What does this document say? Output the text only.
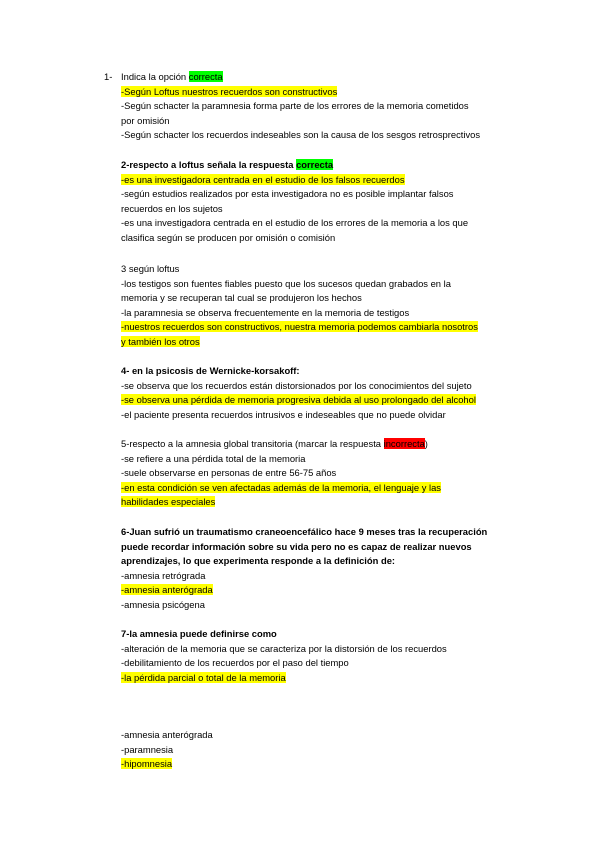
1- Indica la opción correcta
-Según Loftus nuestros recuerdos son constructivos
-Según schacter la paramnesia forma parte de los errores de la memoria cometidos
por omisión
-Según schacter los recuerdos indeseables son la causa de los sesgos retrosprectivos
2-respecto a loftus señala la respuesta correcta
-es una investigadora centrada en el estudio de los falsos recuerdos
-según estudios realizados por esta investigadora no es posible implantar falsos
recuerdos en los sujetos
-es una investigadora centrada en el estudio de los errores de la memoria a los que
clasifica según se producen por omisión o comisión
3 según loftus
-los testigos son fuentes fiables puesto que los sucesos quedan grabados en la
memoria y se recuperan tal cual se produjeron los hechos
-la paramnesia se observa frecuentemente en la memoria de testigos
-nuestros recuerdos son constructivos, nuestra memoria podemos cambiarla nosotros
y también los otros
4- en la psicosis de Wernicke-korsakoff:
-se observa que los recuerdos están distorsionados por los conocimientos del sujeto
-se observa una pérdida de memoria progresiva debida al uso prolongado del alcohol
-el paciente presenta recuerdos intrusivos e indeseables que no puede olvidar
5-respecto a la amnesia global transitoria (marcar la respuesta incorrecta)
-se refiere a una pérdida total de la memoria
-suele observarse en personas de entre 56-75 años
-en esta condición se ven afectadas además de la memoria, el lenguaje y las
habilidades especiales
6-Juan sufrió un traumatismo craneoencefálico hace 9 meses tras la recuperación
puede recordar información sobre su vida pero no es capaz de realizar nuevos
aprendizajes, lo que experimenta responde a la definición de:
-amnesia retrógrada
-amnesia anterógrada
-amnesia psicógena
7-la amnesia puede definirse como
-alteración de la memoria que se caracteriza por la distorsión de los recuerdos
-debilitamiento de los recuerdos por el paso del tiempo
-la pérdida parcial o total de la memoria
-amnesia anterógrada
-paramnesia
-hipomnesia
